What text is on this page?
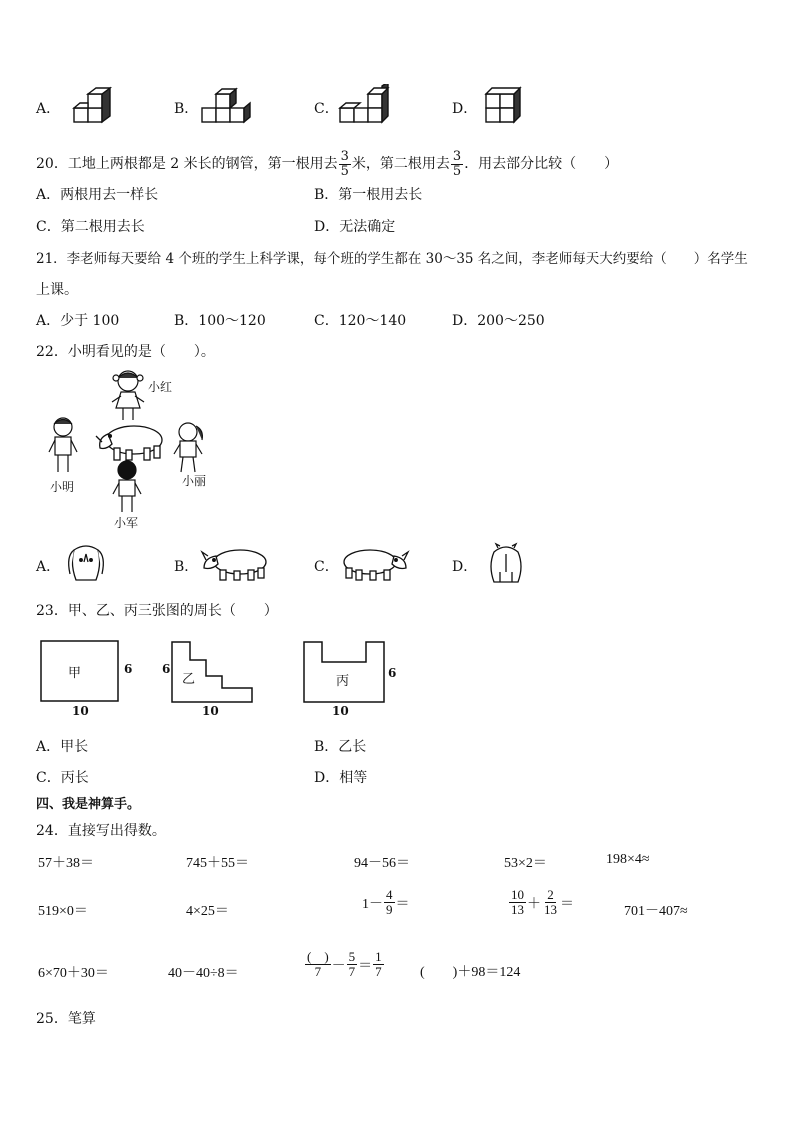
A．	B．	C．	D．
20．工地上两根都是 2 米长的钢管，第一根用去 $\frac{3}{5}$ 米，第二根用去 $\frac{3}{5}$ ．用去部分比较（　　）
A．两根用去一样长	B．第一根用去长
C．第二根用去长	D．无法确定
21．李老师每天要给 4 个班的学生上科学课，每个班的学生都在 30～35 名之间，李老师每天大约要给（　　）名学生
上课。
A．少于 100	B．100～120	C．120～140	D．200～250
22．小明看见的是（　　）。
小红
小明	小丽
小军
A．	B．	C．	D．
23．甲、乙、丙三张图的周长（　　）
甲	6
10
6
乙
10
丙
6
10
A．甲长	B．乙长
C．丙长	D．相等
四、我是神算手。
24．直接写出得数。
57＋38＝	745＋55＝	94－56＝	53×2＝	198×4≈
519×0＝	4×25＝	$1- \frac{4}{9}$ ＝	$\frac{10}{13} + \frac{2}{13}$ ＝	701－407≈
6×70＋30＝	40－40÷8＝	$\frac{( )}{7} - \frac{5}{7} = \frac{1}{7}$	(　　)＋98＝124
25．笔算
